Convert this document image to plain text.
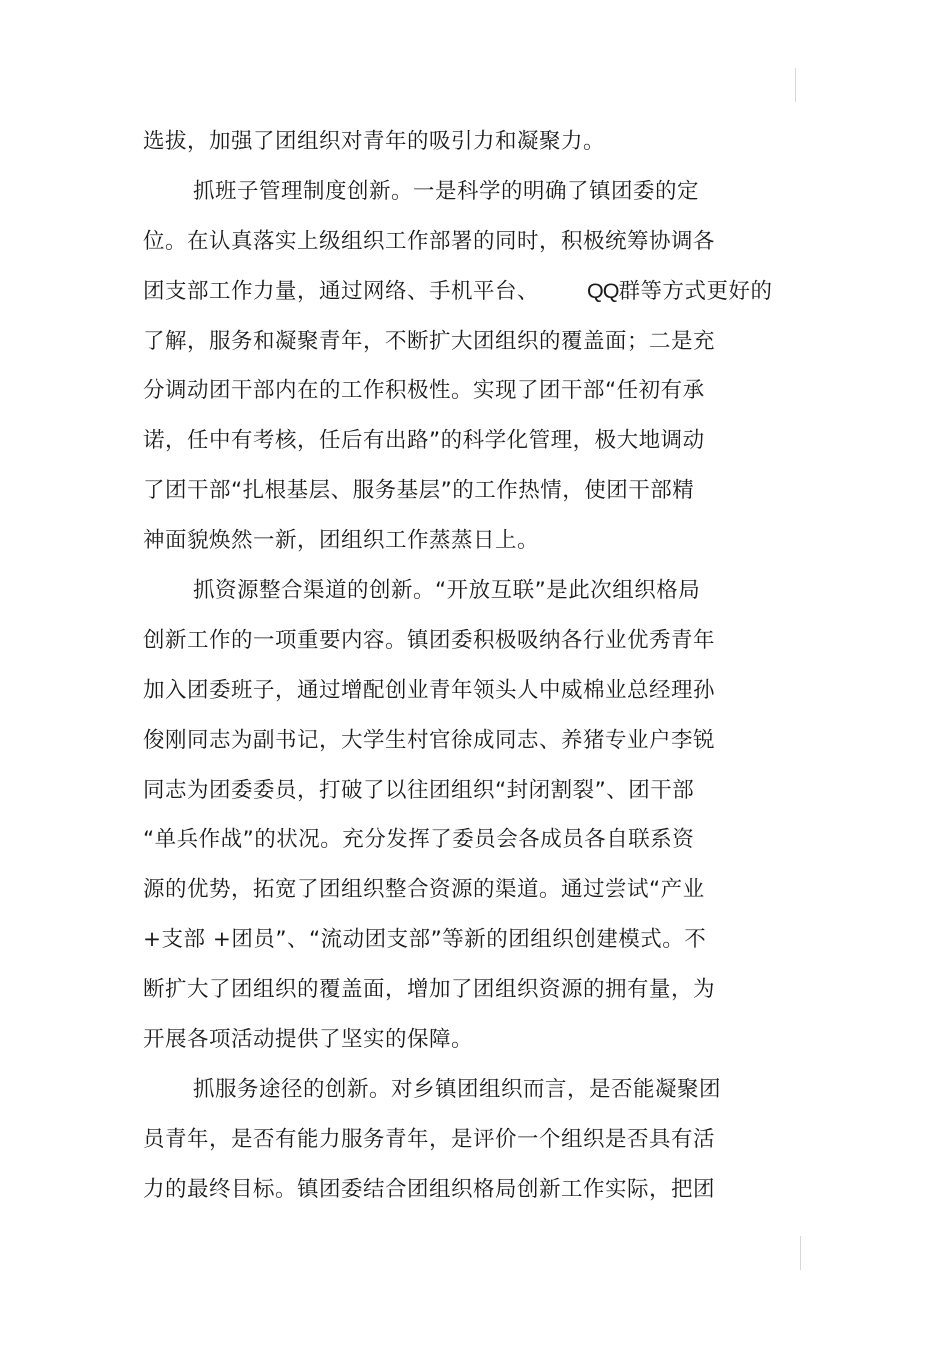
选拔，加强了团组织对青年的吸引力和凝聚力。
抓班子管理制度创新。一是科学的明确了镇团委的定
位。在认真落实上级组织工作部署的同时，积极统筹协调各
团支部工作力量，通过网络、手机平台、 QQ群等方式更好的
了解，服务和凝聚青年，不断扩大团组织的覆盖面；二是充
分调动团干部内在的工作积极性。实现了团干部“任初有承
诺，任中有考核，任后有出路”的科学化管理，极大地调动
了团干部“扎根基层、服务基层”的工作热情，使团干部精
神面貌焕然一新，团组织工作蒸蒸日上。
抓资源整合渠道的创新。“开放互联”是此次组织格局
创新工作的一项重要内容。镇团委积极吸纳各行业优秀青年
加入团委班子，通过增配创业青年领头人中威棉业总经理孙
俊刚同志为副书记，大学生村官徐成同志、养猪专业户李锐
同志为团委委员，打破了以往团组织“封闭割裂”、团干部
“单兵作战”的状况。充分发挥了委员会各成员各自联系资
源的优势，拓宽了团组织整合资源的渠道。通过尝试“产业
+支部 +团员”、“流动团支部”等新的团组织创建模式。不
断扩大了团组织的覆盖面，增加了团组织资源的拥有量，为
开展各项活动提供了坚实的保障。
抓服务途径的创新。对乡镇团组织而言，是否能凝聚团
员青年，是否有能力服务青年，是评价一个组织是否具有活
力的最终目标。镇团委结合团组织格局创新工作实际，把团
